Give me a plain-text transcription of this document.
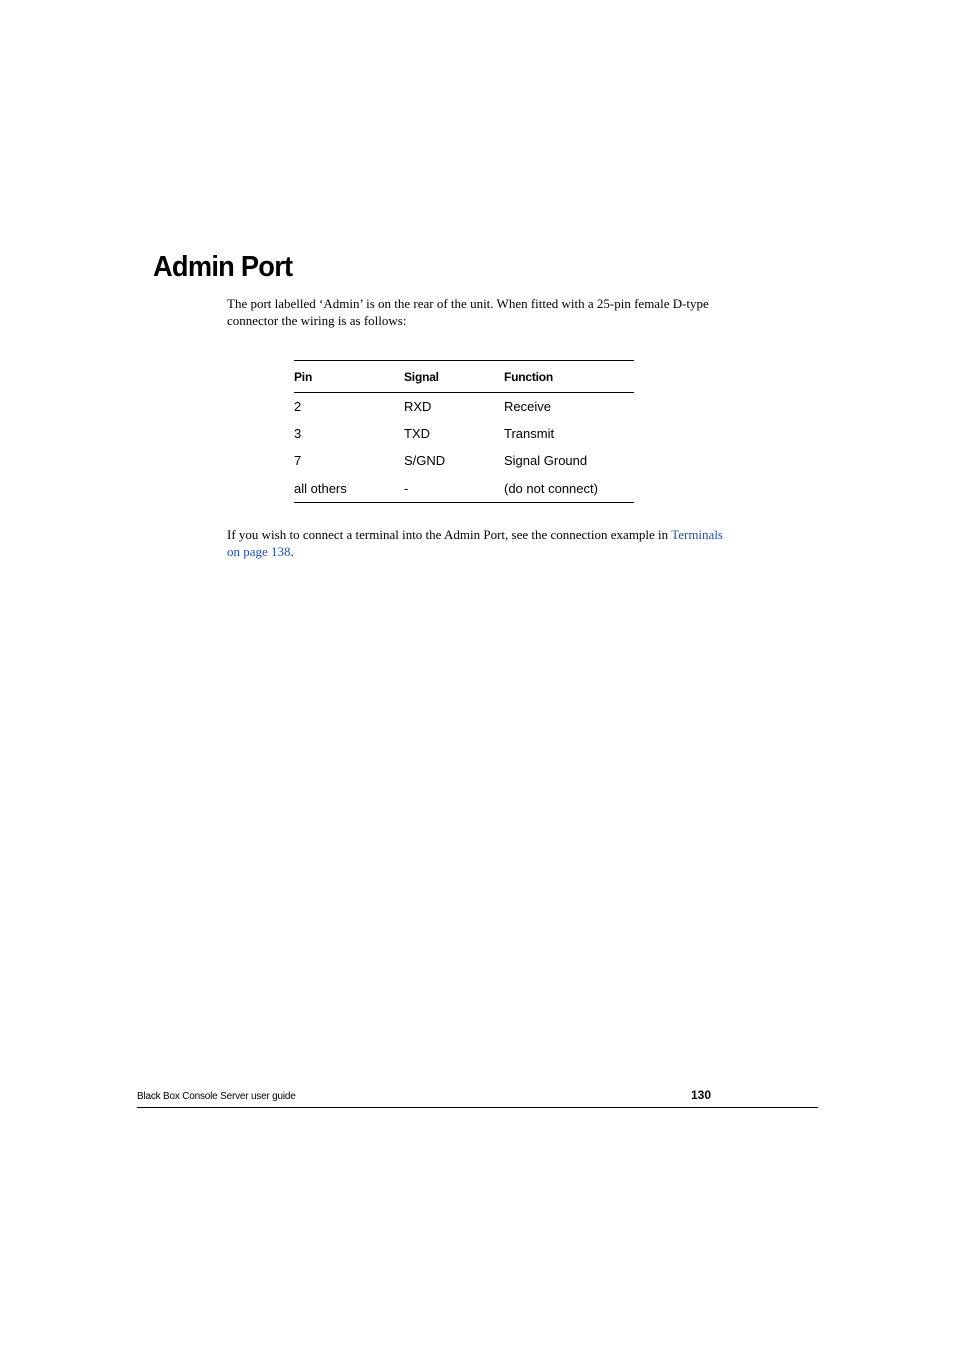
Admin Port

The port labelled ‘Admin’ is on the rear of the unit. When fitted with a 25-pin female D-type connector the wiring is as follows:

Pin	Signal	Function
2	RXD	Receive
3	TXD	Transmit
7	S/GND	Signal Ground
all others	-	(do not connect)

If you wish to connect a terminal into the Admin Port, see the connection example in Terminals on page 138.

Black Box Console Server user guide	130
